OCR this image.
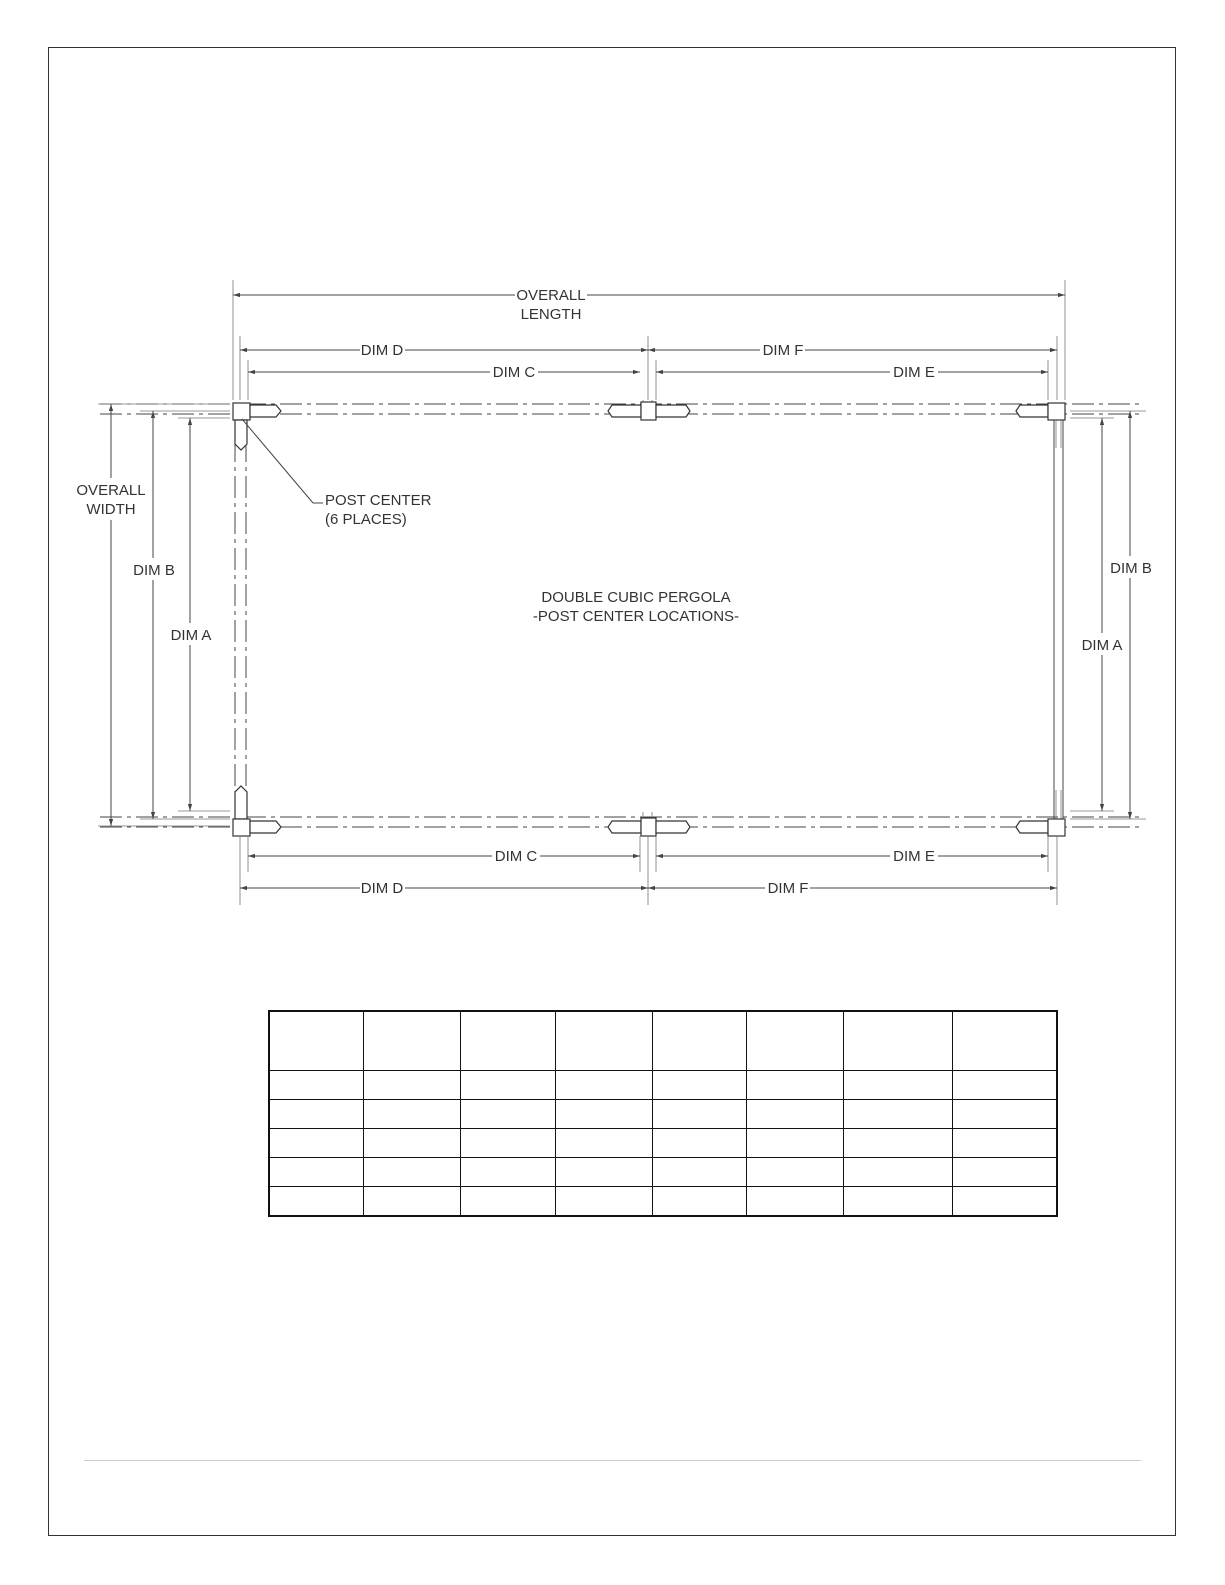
OVERALL
LENGTH
DIM D	DIM F
DIM C	DIM E
DIM C	DIM E
DIM D	DIM F
OVERALL
WIDTH
DIM B
DIM A
DIM B
DIM A
POST CENTER
(6 PLACES)
DOUBLE CUBIC PERGOLA
-POST CENTER LOCATIONS-
